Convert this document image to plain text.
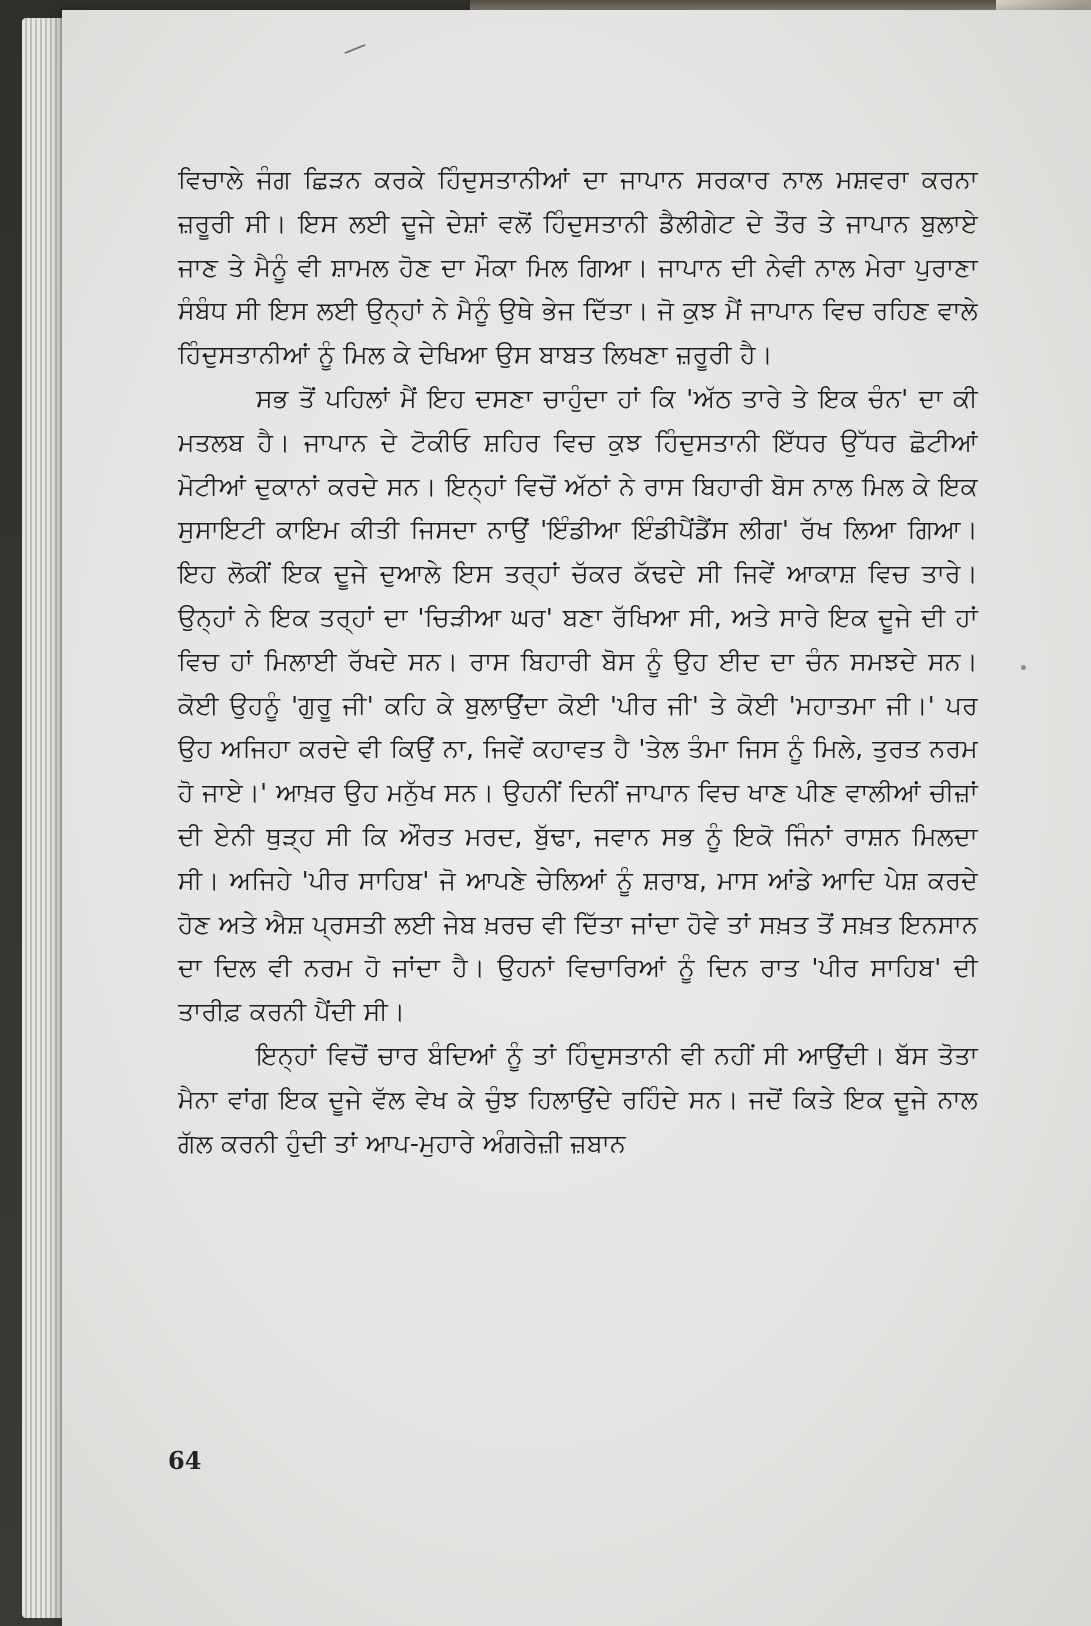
ਵਿਚਾਲੇ ਜੰਗ ਛਿੜਨ ਕਰਕੇ ਹਿੰਦੁਸਤਾਨੀਆਂ ਦਾ ਜਾਪਾਨ ਸਰਕਾਰ ਨਾਲ ਮਸ਼ਵਰਾ ਕਰਨਾ ਜ਼ਰੂਰੀ ਸੀ। ਇਸ ਲਈ ਦੂਜੇ ਦੇਸ਼ਾਂ ਵਲੋਂ ਹਿੰਦੁਸਤਾਨੀ ਡੈਲੀਗੇਟ ਦੇ ਤੌਰ ਤੇ ਜਾਪਾਨ ਬੁਲਾਏ ਜਾਣ ਤੇ ਮੈਨੂੰ ਵੀ ਸ਼ਾਮਲ ਹੋਣ ਦਾ ਮੌਕਾ ਮਿਲ ਗਿਆ। ਜਾਪਾਨ ਦੀ ਨੇਵੀ ਨਾਲ ਮੇਰਾ ਪੁਰਾਣਾ ਸੰਬੰਧ ਸੀ ਇਸ ਲਈ ਉਨ੍ਹਾਂ ਨੇ ਮੈਨੂੰ ਉਥੇ ਭੇਜ ਦਿੱਤਾ। ਜੋ ਕੁਝ ਮੈਂ ਜਾਪਾਨ ਵਿਚ ਰਹਿਣ ਵਾਲੇ ਹਿੰਦੁਸਤਾਨੀਆਂ ਨੂੰ ਮਿਲ ਕੇ ਦੇਖਿਆ ਉਸ ਬਾਬਤ ਲਿਖਣਾ ਜ਼ਰੂਰੀ ਹੈ।

ਸਭ ਤੋਂ ਪਹਿਲਾਂ ਮੈਂ ਇਹ ਦਸਣਾ ਚਾਹੁੰਦਾ ਹਾਂ ਕਿ 'ਅੱਠ ਤਾਰੇ ਤੇ ਇਕ ਚੰਨ' ਦਾ ਕੀ ਮਤਲਬ ਹੈ। ਜਾਪਾਨ ਦੇ ਟੋਕੀਓ ਸ਼ਹਿਰ ਵਿਚ ਕੁਝ ਹਿੰਦੁਸਤਾਨੀ ਇੱਧਰ ਉੱਧਰ ਛੋਟੀਆਂ ਮੋਟੀਆਂ ਦੁਕਾਨਾਂ ਕਰਦੇ ਸਨ। ਇਨ੍ਹਾਂ ਵਿਚੋਂ ਅੱਠਾਂ ਨੇ ਰਾਸ ਬਿਹਾਰੀ ਬੋਸ ਨਾਲ ਮਿਲ ਕੇ ਇਕ ਸੁਸਾਇਟੀ ਕਾਇਮ ਕੀਤੀ ਜਿਸਦਾ ਨਾਉਂ 'ਇੰਡੀਆ ਇੰਡੀਪੈਂਡੈਂਸ ਲੀਗ' ਰੱਖ ਲਿਆ ਗਿਆ। ਇਹ ਲੋਕੀਂ ਇਕ ਦੂਜੇ ਦੁਆਲੇ ਇਸ ਤਰ੍ਹਾਂ ਚੱਕਰ ਕੱਢਦੇ ਸੀ ਜਿਵੇਂ ਆਕਾਸ਼ ਵਿਚ ਤਾਰੇ। ਉਨ੍ਹਾਂ ਨੇ ਇਕ ਤਰ੍ਹਾਂ ਦਾ 'ਚਿੜੀਆ ਘਰ' ਬਣਾ ਰੱਖਿਆ ਸੀ, ਅਤੇ ਸਾਰੇ ਇਕ ਦੂਜੇ ਦੀ ਹਾਂ ਵਿਚ ਹਾਂ ਮਿਲਾਈ ਰੱਖਦੇ ਸਨ। ਰਾਸ ਬਿਹਾਰੀ ਬੋਸ ਨੂੰ ਉਹ ਈਦ ਦਾ ਚੰਨ ਸਮਝਦੇ ਸਨ। ਕੋਈ ਉਹਨੂੰ 'ਗੁਰੂ ਜੀ' ਕਹਿ ਕੇ ਬੁਲਾਉਂਦਾ ਕੋਈ 'ਪੀਰ ਜੀ' ਤੇ ਕੋਈ 'ਮਹਾਤਮਾ ਜੀ।' ਪਰ ਉਹ ਅਜਿਹਾ ਕਰਦੇ ਵੀ ਕਿਉਂ ਨਾ, ਜਿਵੇਂ ਕਹਾਵਤ ਹੈ 'ਤੇਲ ਤੰਮਾ ਜਿਸ ਨੂੰ ਮਿਲੇ, ਤੁਰਤ ਨਰਮ ਹੋ ਜਾਏ।' ਆਖ਼ਰ ਉਹ ਮਨੁੱਖ ਸਨ। ਉਹਨੀਂ ਦਿਨੀਂ ਜਾਪਾਨ ਵਿਚ ਖਾਣ ਪੀਣ ਵਾਲੀਆਂ ਚੀਜ਼ਾਂ ਦੀ ਏਨੀ ਥੁੜ੍ਹ ਸੀ ਕਿ ਔਰਤ ਮਰਦ, ਬੁੱਢਾ, ਜਵਾਨ ਸਭ ਨੂੰ ਇਕੋ ਜਿੰਨਾਂ ਰਾਸ਼ਨ ਮਿਲਦਾ ਸੀ। ਅਜਿਹੇ 'ਪੀਰ ਸਾਹਿਬ' ਜੋ ਆਪਣੇ ਚੇਲਿਆਂ ਨੂੰ ਸ਼ਰਾਬ, ਮਾਸ ਆਂਡੇ ਆਦਿ ਪੇਸ਼ ਕਰਦੇ ਹੋਣ ਅਤੇ ਐਸ਼ ਪ੍ਰਸਤੀ ਲਈ ਜੇਬ ਖ਼ਰਚ ਵੀ ਦਿੱਤਾ ਜਾਂਦਾ ਹੋਵੇ ਤਾਂ ਸਖ਼ਤ ਤੋਂ ਸਖ਼ਤ ਇਨਸਾਨ ਦਾ ਦਿਲ ਵੀ ਨਰਮ ਹੋ ਜਾਂਦਾ ਹੈ। ਉਹਨਾਂ ਵਿਚਾਰਿਆਂ ਨੂੰ ਦਿਨ ਰਾਤ 'ਪੀਰ ਸਾਹਿਬ' ਦੀ ਤਾਰੀਫ਼ ਕਰਨੀ ਪੈਂਦੀ ਸੀ।

ਇਨ੍ਹਾਂ ਵਿਚੋਂ ਚਾਰ ਬੰਦਿਆਂ ਨੂੰ ਤਾਂ ਹਿੰਦੁਸਤਾਨੀ ਵੀ ਨਹੀਂ ਸੀ ਆਉਂਦੀ। ਬੱਸ ਤੋਤਾ ਮੈਨਾ ਵਾਂਗ ਇਕ ਦੂਜੇ ਵੱਲ ਵੇਖ ਕੇ ਚੁੰਝ ਹਿਲਾਉਂਦੇ ਰਹਿੰਦੇ ਸਨ। ਜਦੋਂ ਕਿਤੇ ਇਕ ਦੂਜੇ ਨਾਲ ਗੱਲ ਕਰਨੀ ਹੁੰਦੀ ਤਾਂ ਆਪ-ਮੁਹਾਰੇ ਅੰਗਰੇਜ਼ੀ ਜ਼ਬਾਨ

64
